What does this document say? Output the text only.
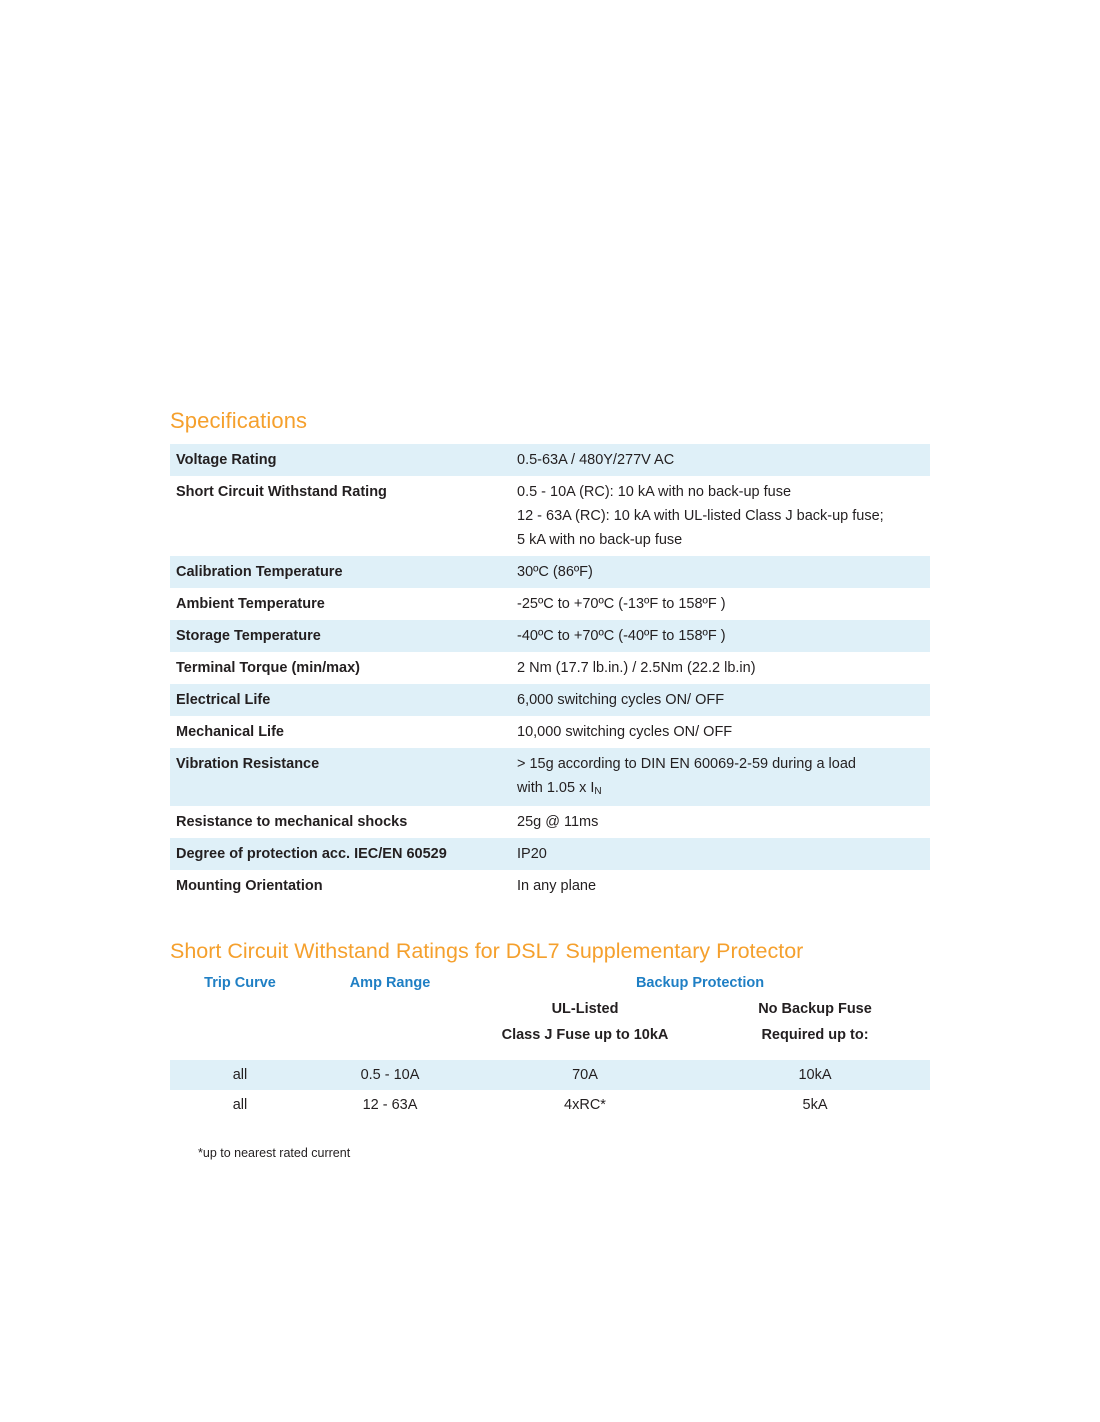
Specifications
Voltage Rating	0.5-63A / 480Y/277V AC

Short Circuit Withstand Rating	0.5 - 10A (RC): 10 kA with no back-up fuse
12 - 63A (RC): 10 kA with UL-listed Class J back-up fuse;
5 kA with no back-up fuse

Calibration Temperature	30ºC (86ºF)

Ambient Temperature	-25ºC to +70ºC (-13ºF to 158ºF )

Storage Temperature	-40ºC to +70ºC (-40ºF to 158ºF )

Terminal Torque (min/max)	2 Nm (17.7 lb.in.) / 2.5Nm (22.2 lb.in)

Electrical Life	6,000 switching cycles ON/ OFF

Mechanical Life	10,000 switching cycles ON/ OFF

Vibration Resistance	> 15g according to DIN EN 60069-2-59 during a load
with 1.05 x IN

Resistance to mechanical shocks	25g @ 11ms

Degree of protection acc. IEC/EN 60529	IP20

Mounting Orientation	In any plane
Short Circuit Withstand Ratings for DSL7 Supplementary Protector
Trip Curve	Amp Range	Backup Protection	
		UL-Listed	No Backup Fuse
		Class J Fuse up to 10kA	Required up to:

all	0.5 - 10A	70A	10kA
all	12 - 63A	4xRC*	5kA
*up to nearest rated current
